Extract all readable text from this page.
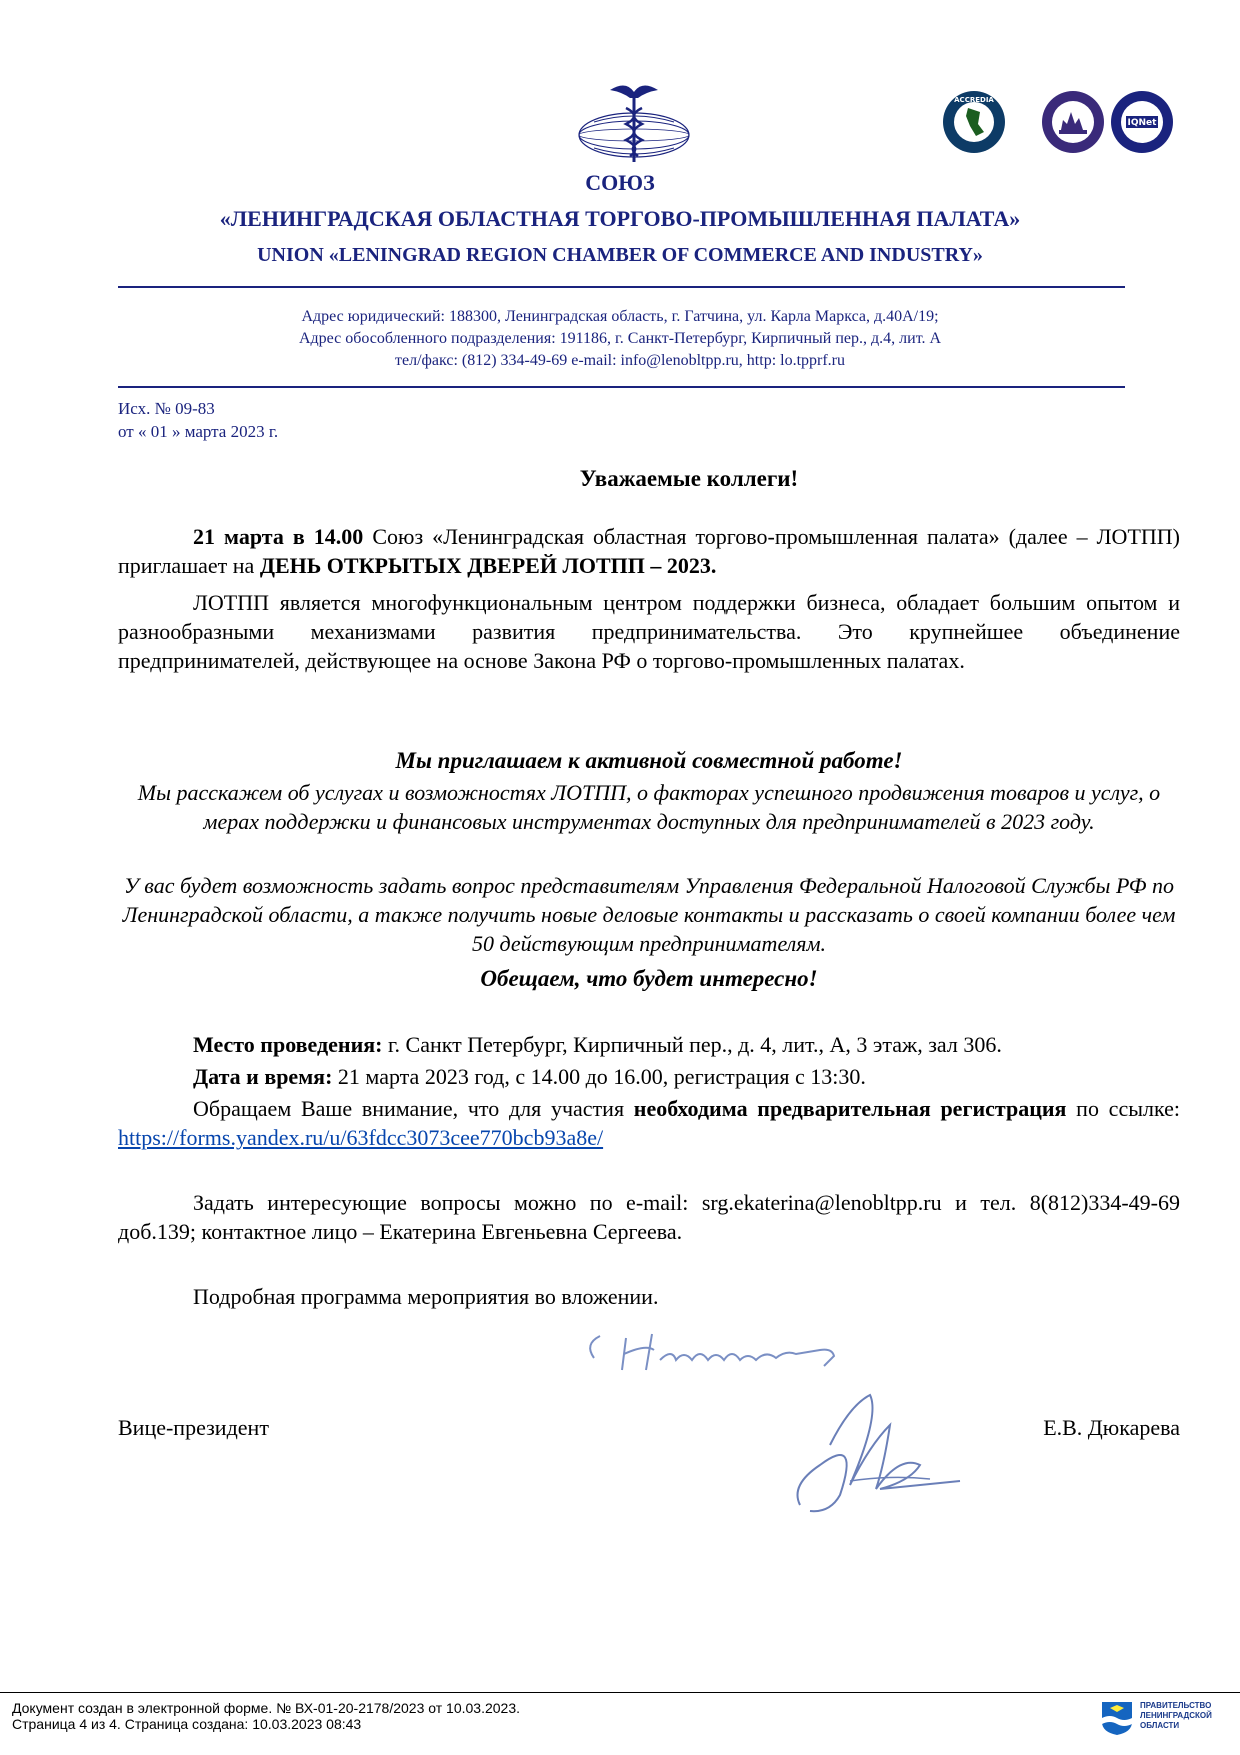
ACCREDIA
IQNet
СОЮЗ
«ЛЕНИНГРАДСКАЯ ОБЛАСТНАЯ ТОРГОВО-ПРОМЫШЛЕННАЯ ПАЛАТА»
UNION «LENINGRAD REGION CHAMBER OF COMMERCE AND INDUSTRY»
Адрес юридический: 188300, Ленинградская область, г. Гатчина, ул. Карла Маркса, д.40А/19;
Адрес обособленного подразделения: 191186, г. Санкт-Петербург, Кирпичный пер., д.4, лит. А
тел/факс: (812) 334-49-69 e-mail: info@lenobltpp.ru, http: lo.tpprf.ru
Исх. № 09-83
от « 01 » марта 2023 г.
Уважаемые коллеги!
21 марта в 14.00 Союз «Ленинградская областная торгово-промышленная палата» (далее – ЛОТПП) приглашает на ДЕНЬ ОТКРЫТЫХ ДВЕРЕЙ ЛОТПП – 2023.
ЛОТПП является многофункциональным центром поддержки бизнеса, обладает большим опытом и разнообразными механизмами развития предпринимательства. Это крупнейшее объединение предпринимателей, действующее на основе Закона РФ о торгово-промышленных палатах.
Мы приглашаем к активной совместной работе!
Мы расскажем об услугах и возможностях ЛОТПП, о факторах успешного продвижения товаров и услуг, о мерах поддержки и финансовых инструментах доступных для предпринимателей в 2023 году.
У вас будет возможность задать вопрос представителям Управления Федеральной Налоговой Службы РФ по Ленинградской области, а также получить новые деловые контакты и рассказать о своей компании более чем 50 действующим предпринимателям.
Обещаем, что будет интересно!
Место проведения: г. Санкт Петербург, Кирпичный пер., д. 4, лит., А, 3 этаж, зал 306.
Дата и время: 21 марта 2023 год, с 14.00 до 16.00, регистрация с 13:30.
Обращаем Ваше внимание, что для участия необходима предварительная регистрация по ссылке: https://forms.yandex.ru/u/63fdcc3073cee770bcb93a8e/
Задать интересующие вопросы можно по e-mail: srg.ekaterina@lenobltpp.ru и тел. 8(812)334-49-69 доб.139; контактное лицо – Екатерина Евгеньевна Сергеева.
Подробная программа мероприятия во вложении.
Вице-президент	Е.В. Дюкарева
Документ создан в электронной форме. № ВХ-01-20-2178/2023 от 10.03.2023.
Страница 4 из 4. Страница создана: 10.03.2023 08:43
ПРАВИТЕЛЬСТВО ЛЕНИНГРАДСКОЙ ОБЛАСТИ
